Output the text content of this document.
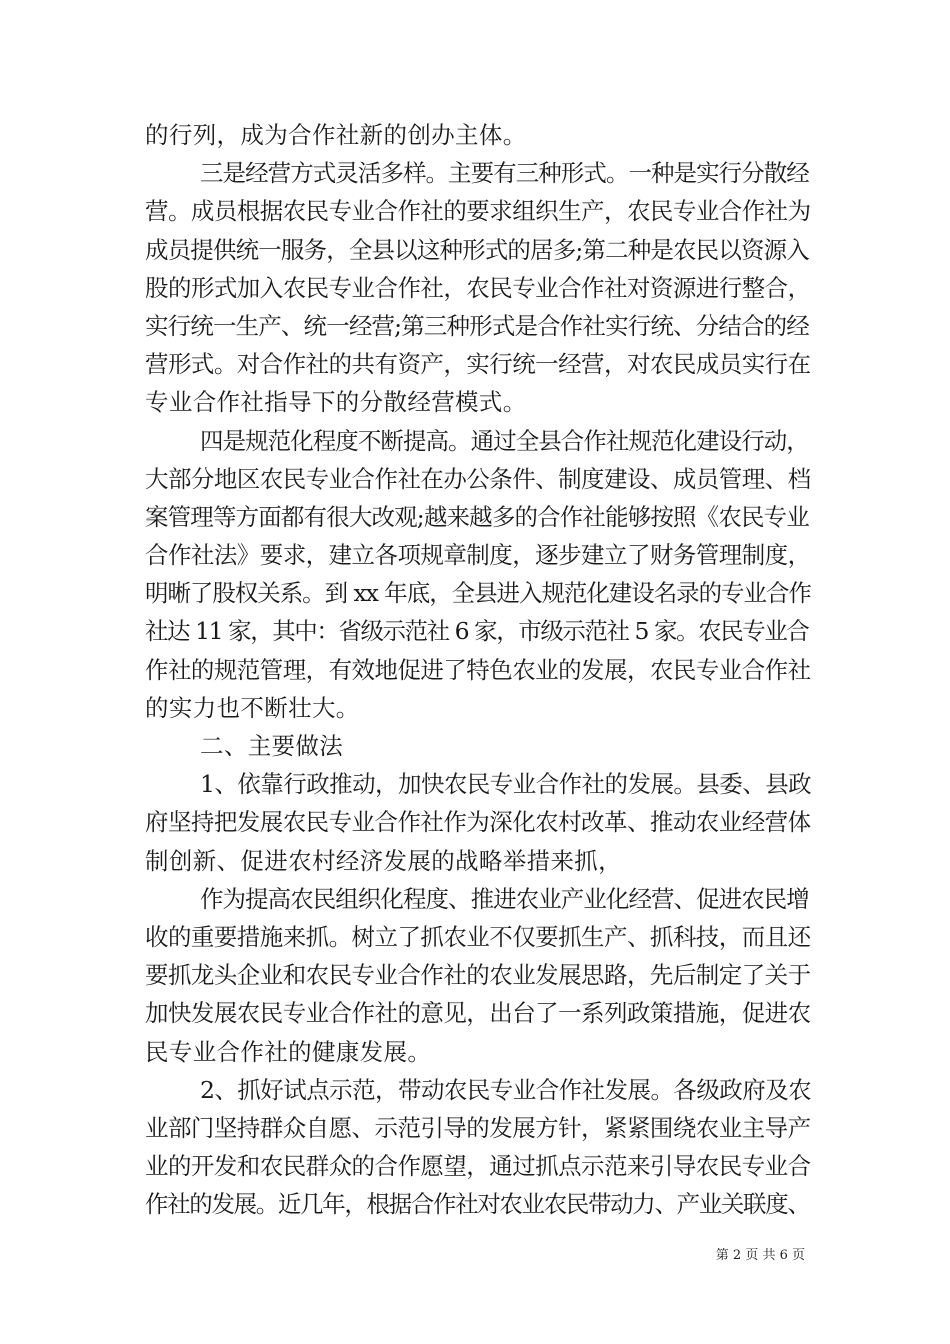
的行列，成为合作社新的创办主体。
三是经营方式灵活多样。主要有三种形式。一种是实行分散经
营。成员根据农民专业合作社的要求组织生产，农民专业合作社为
成员提供统一服务，全县以这种形式的居多;第二种是农民以资源入
股的形式加入农民专业合作社，农民专业合作社对资源进行整合，
实行统一生产、统一经营;第三种形式是合作社实行统、分结合的经
营形式。对合作社的共有资产，实行统一经营，对农民成员实行在
专业合作社指导下的分散经营模式。
四是规范化程度不断提高。通过全县合作社规范化建设行动，
大部分地区农民专业合作社在办公条件、制度建设、成员管理、档
案管理等方面都有很大改观;越来越多的合作社能够按照《农民专业
合作社法》要求，建立各项规章制度，逐步建立了财务管理制度，
明晰了股权关系。到 xx 年底，全县进入规范化建设名录的专业合作
社达 11 家，其中：省级示范社 6 家，市级示范社 5 家。农民专业合
作社的规范管理，有效地促进了特色农业的发展，农民专业合作社
的实力也不断壮大。
二、主要做法
1、依靠行政推动，加快农民专业合作社的发展。县委、县政
府坚持把发展农民专业合作社作为深化农村改革、推动农业经营体
制创新、促进农村经济发展的战略举措来抓，
作为提高农民组织化程度、推进农业产业化经营、促进农民增
收的重要措施来抓。树立了抓农业不仅要抓生产、抓科技，而且还
要抓龙头企业和农民专业合作社的农业发展思路，先后制定了关于
加快发展农民专业合作社的意见，出台了一系列政策措施，促进农
民专业合作社的健康发展。
2、抓好试点示范，带动农民专业合作社发展。各级政府及农
业部门坚持群众自愿、示范引导的发展方针，紧紧围绕农业主导产
业的开发和农民群众的合作愿望，通过抓点示范来引导农民专业合
作社的发展。近几年，根据合作社对农业农民带动力、产业关联度、
第 2 页 共 6 页
